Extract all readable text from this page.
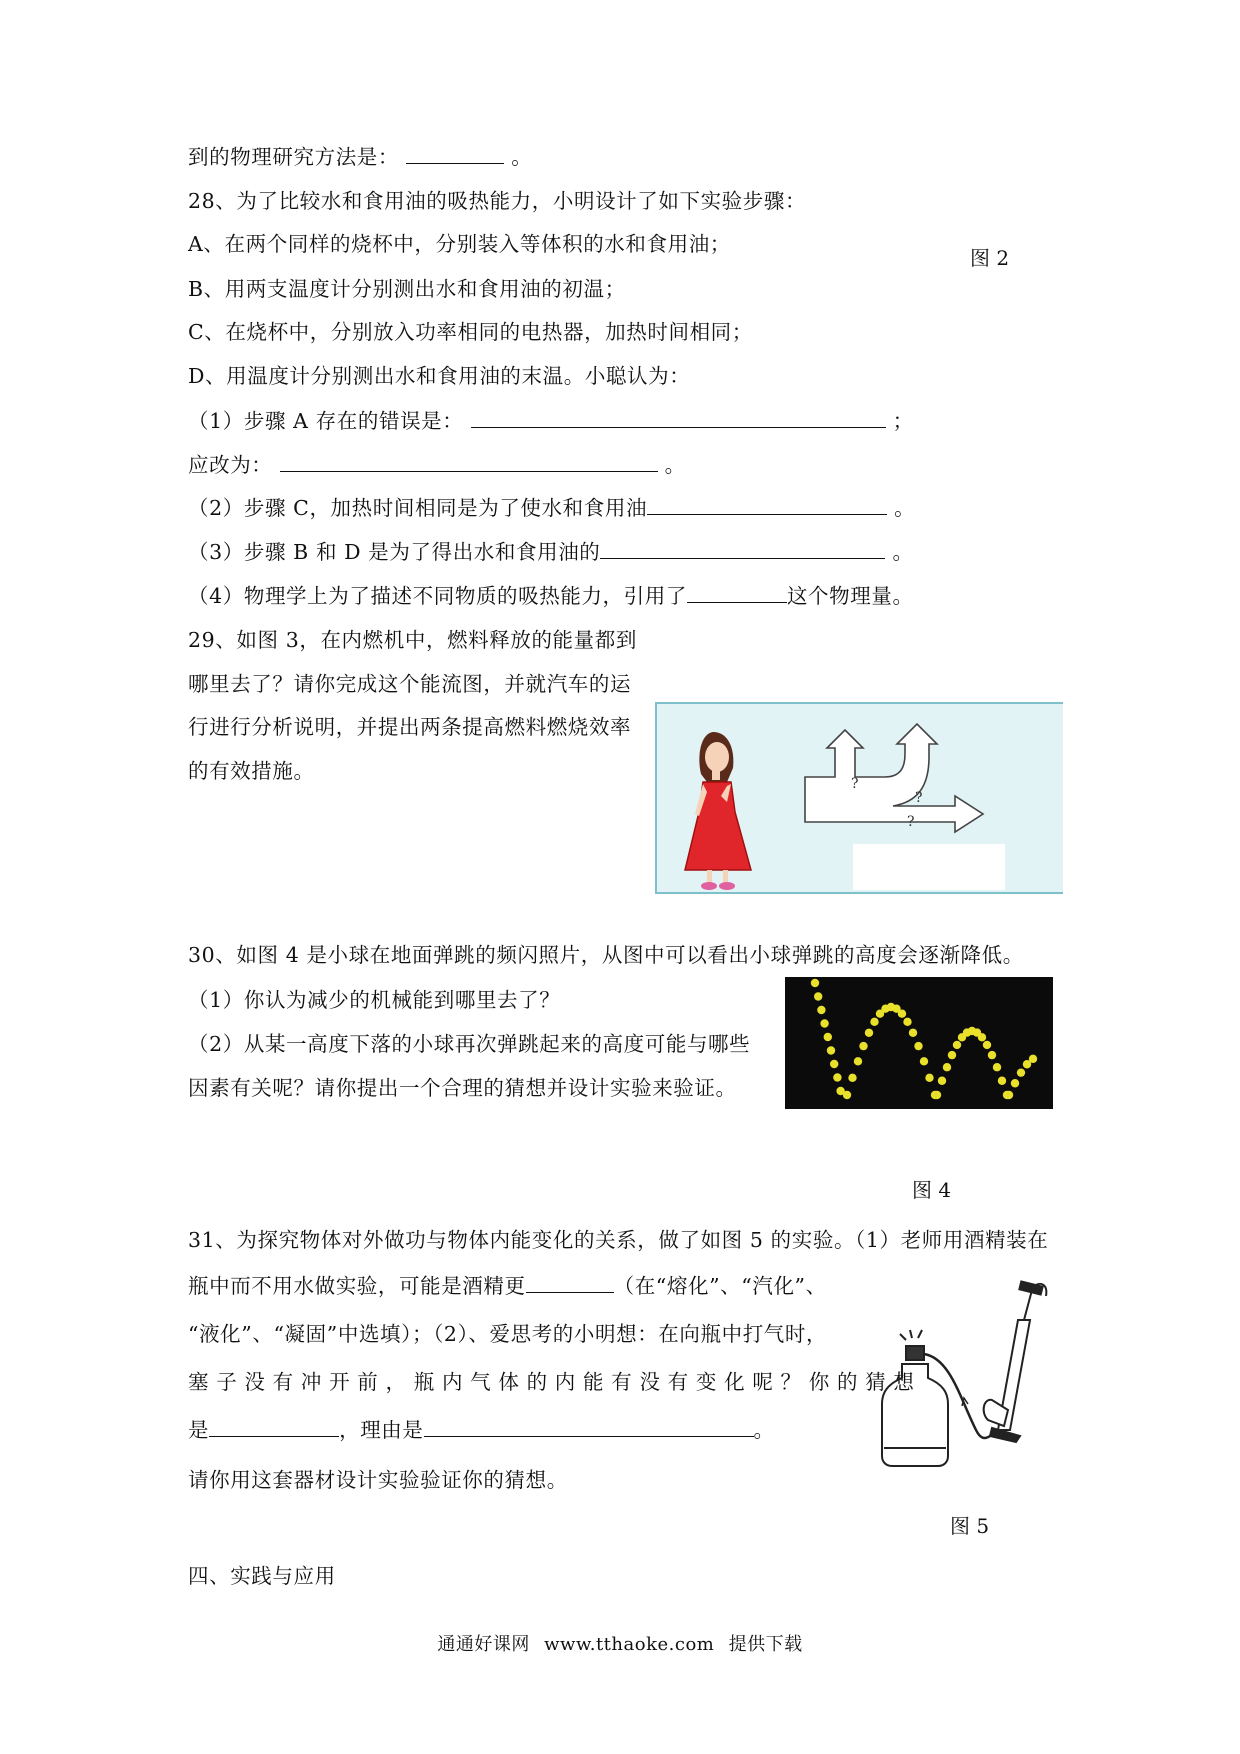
到的物理研究方法是：	。
28、为了比较水和食用油的吸热能力，小明设计了如下实验步骤：
A、在两个同样的烧杯中，分别装入等体积的水和食用油；
图 2
B、用两支温度计分别测出水和食用油的初温；
C、在烧杯中，分别放入功率相同的电热器，加热时间相同；
D、用温度计分别测出水和食用油的末温。小聪认为：
（1）步骤 A 存在的错误是：	；
应改为：	。
（2）步骤 C，加热时间相同是为了使水和食用油	。
（3）步骤 B 和 D 是为了得出水和食用油的	。
（4）物理学上为了描述不同物质的吸热能力，引用了	这个物理量。
29、如图 3，在内燃机中，燃料释放的能量都到
哪里去了？请你完成这个能流图，并就汽车的运
行进行分析说明，并提出两条提高燃料燃烧效率
的有效措施。
?
?
?
30、如图 4 是小球在地面弹跳的频闪照片，从图中可以看出小球弹跳的高度会逐渐降低。
（1）你认为减少的机械能到哪里去了？
（2）从某一高度下落的小球再次弹跳起来的高度可能与哪些
因素有关呢？请你提出一个合理的猜想并设计实验来验证。
图 4
31、为探究物体对外做功与物体内能变化的关系，做了如图 5 的实验。（1）老师用酒精装在
瓶中而不用水做实验，可能是酒精更	（在“熔化”、“汽化”、
“液化”、“凝固”中选填）；（2）、爱思考的小明想：在向瓶中打气时，
塞 子 没 有 冲 开 前 ， 瓶 内 气 体 的 内 能 有 没 有 变 化 呢 ？ 你 的 猜 想
是	，理由是	。
请你用这套器材设计实验验证你的猜想。
图 5
四、实践与应用
通通好课网 www.tthaoke.com 提供下载
